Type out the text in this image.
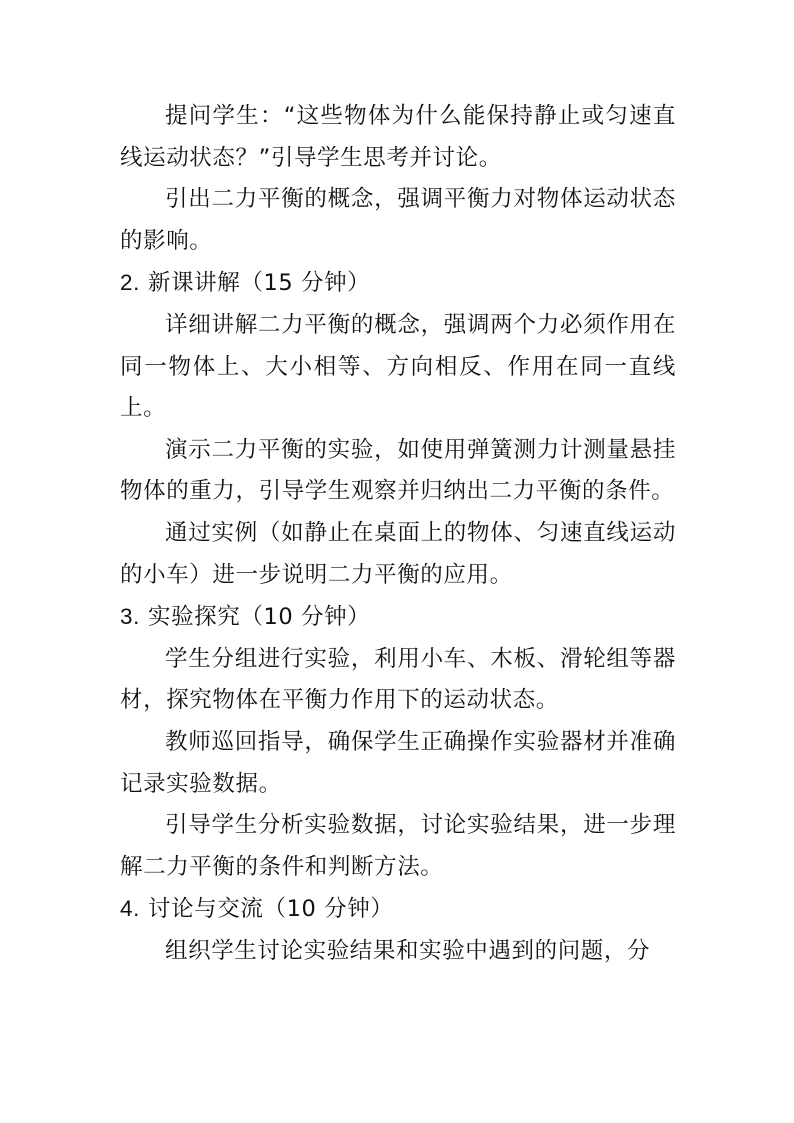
提问学生：“这些物体为什么能保持静止或匀速直线运动状态？”引导学生思考并讨论。

引出二力平衡的概念，强调平衡力对物体运动状态的影响。

2. 新课讲解（15 分钟）

详细讲解二力平衡的概念，强调两个力必须作用在同一物体上、大小相等、方向相反、作用在同一直线上。

演示二力平衡的实验，如使用弹簧测力计测量悬挂物体的重力，引导学生观察并归纳出二力平衡的条件。

通过实例（如静止在桌面上的物体、匀速直线运动的小车）进一步说明二力平衡的应用。

3. 实验探究（10 分钟）

学生分组进行实验，利用小车、木板、滑轮组等器材，探究物体在平衡力作用下的运动状态。

教师巡回指导，确保学生正确操作实验器材并准确记录实验数据。

引导学生分析实验数据，讨论实验结果，进一步理解二力平衡的条件和判断方法。

4. 讨论与交流（10 分钟）

组织学生讨论实验结果和实验中遇到的问题，分
